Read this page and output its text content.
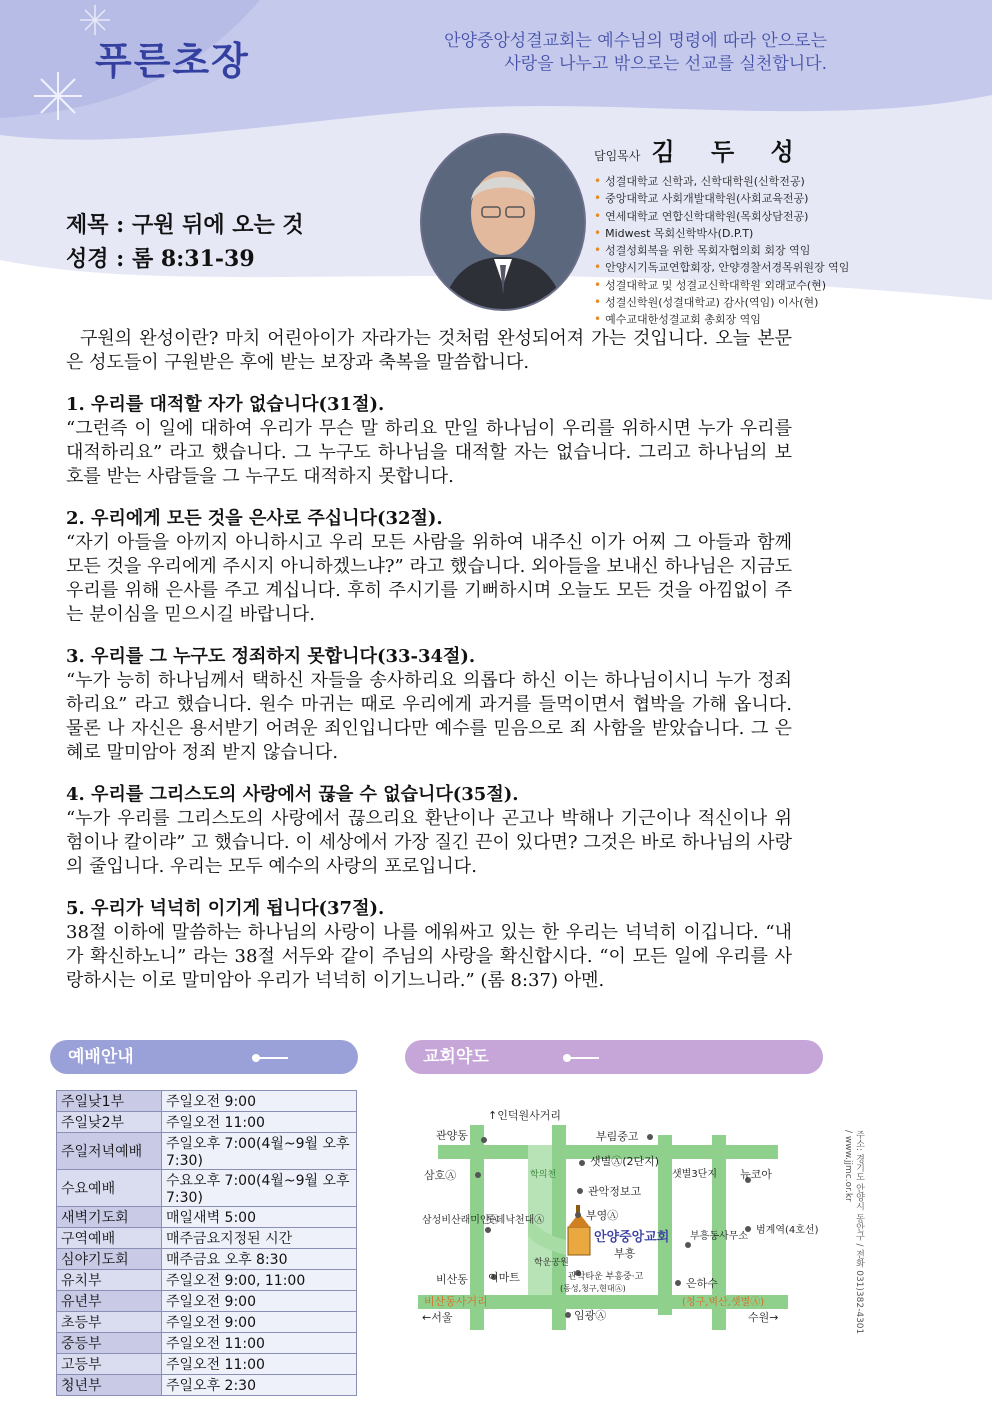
푸른초장	안양중앙성결교회는 예수님의 명령에 따라 안으로는
사랑을 나누고 밖으로는 선교를 실천합니다.
담임목사 김 두 성
• 성결대학교 신학과, 신학대학원(신학전공)
• 중앙대학교 사회개발대학원(사회교육전공)
• 연세대학교 연합신학대학원(목회상담전공)
• Midwest 목회신학박사(D.P.T)
• 성결성회복을 위한 목회자협의회 회장 역임
• 안양시기독교연합회장, 안양경찰서경목위원장 역임
• 성결대학교 및 성결교신학대학원 외래교수(현)
• 성결신학원(성결대학교) 감사(역임) 이사(현)
• 예수교대한성결교회 총회장 역임
제목 : 구원 뒤에 오는 것
성경 : 롬 8:31-39

구원의 완성이란? 마치 어린아이가 자라가는 것처럼 완성되어져 가는 것입니다. 오늘 본문은 성도들이 구원받은 후에 받는 보장과 축복을 말씀합니다.

1. 우리를 대적할 자가 없습니다(31절).

“그런즉 이 일에 대하여 우리가 무슨 말 하리요 만일 하나님이 우리를 위하시면 누가 우리를 대적하리요” 라고 했습니다. 그 누구도 하나님을 대적할 자는 없습니다. 그리고 하나님의 보호를 받는 사람들을 그 누구도 대적하지 못합니다.

2. 우리에게 모든 것을 은사로 주십니다(32절).

“자기 아들을 아끼지 아니하시고 우리 모든 사람을 위하여 내주신 이가 어찌 그 아들과 함께 모든 것을 우리에게 주시지 아니하겠느냐?” 라고 했습니다. 외아들을 보내신 하나님은 지금도 우리를 위해 은사를 주고 계십니다. 후히 주시기를 기뻐하시며 오늘도 모든 것을 아낌없이 주는 분이심을 믿으시길 바랍니다.

3. 우리를 그 누구도 정죄하지 못합니다(33-34절).

“누가 능히 하나님께서 택하신 자들을 송사하리요 의롭다 하신 이는 하나님이시니 누가 정죄하리요” 라고 했습니다. 원수 마귀는 때로 우리에게 과거를 들먹이면서 협박을 가해 옵니다. 물론 나 자신은 용서받기 어려운 죄인입니다만 예수를 믿음으로 죄 사함을 받았습니다. 그 은혜로 말미암아 정죄 받지 않습니다.

4. 우리를 그리스도의 사랑에서 끊을 수 없습니다(35절).

“누가 우리를 그리스도의 사랑에서 끊으리요 환난이나 곤고나 박해나 기근이나 적신이나 위험이나 칼이랴” 고 했습니다. 이 세상에서 가장 질긴 끈이 있다면? 그것은 바로 하나님의 사랑의 줄입니다. 우리는 모두 예수의 사랑의 포로입니다.

5. 우리가 넉넉히 이기게 됩니다(37절).

38절 이하에 말씀하는 하나님의 사랑이 나를 에워싸고 있는 한 우리는 넉넉히 이깁니다. “내가 확신하노니” 라는 38절 서두와 같이 주님의 사랑을 확신합시다. “이 모든 일에 우리를 사랑하시는 이로 말미암아 우리가 넉넉히 이기느니라.” (롬 8:37) 아멘.

예배안내
주일낮1부	주일오전 9:00
주일낮2부	주일오전 11:00
주일저녁예배	주일오후 7:00(4월~9월 오후7:30)
수요예배	수요오후 7:00(4월~9월 오후7:30)
새벽기도회	매일새벽 5:00
구역예배	매주금요지정된 시간
심야기도회	매주금요 오후 8:30
유치부	주일오전 9:00, 11:00
유년부	주일오전 9:00
초등부	주일오전 9:00
중등부	주일오전 11:00
고등부	주일오전 11:00
청년부	주일오후 2:30
교회약도
↑인덕원사거리
관양동	부림중고
샛별Ⓐ(2단지)
삼호Ⓐ	학의천	샛별3단지 뉴코아
관악정보고
삼성비산래미안Ⓐ
롯데낙천대Ⓐ	부영Ⓐ
안양중앙교회
부흥
부흥동사무소
범계역(4호선)
학운공원
비산동 이마트	관악타운 부흥중·고
(동성,청구,현대Ⓐ)	은하수
비산동사거리	(청구,벽산,샛별Ⓐ)
←서울	임광Ⓐ	수원→	주소: 경기도 안양시 동안구 / 전화 031)382-4301 / www.jjmc.or.kr
